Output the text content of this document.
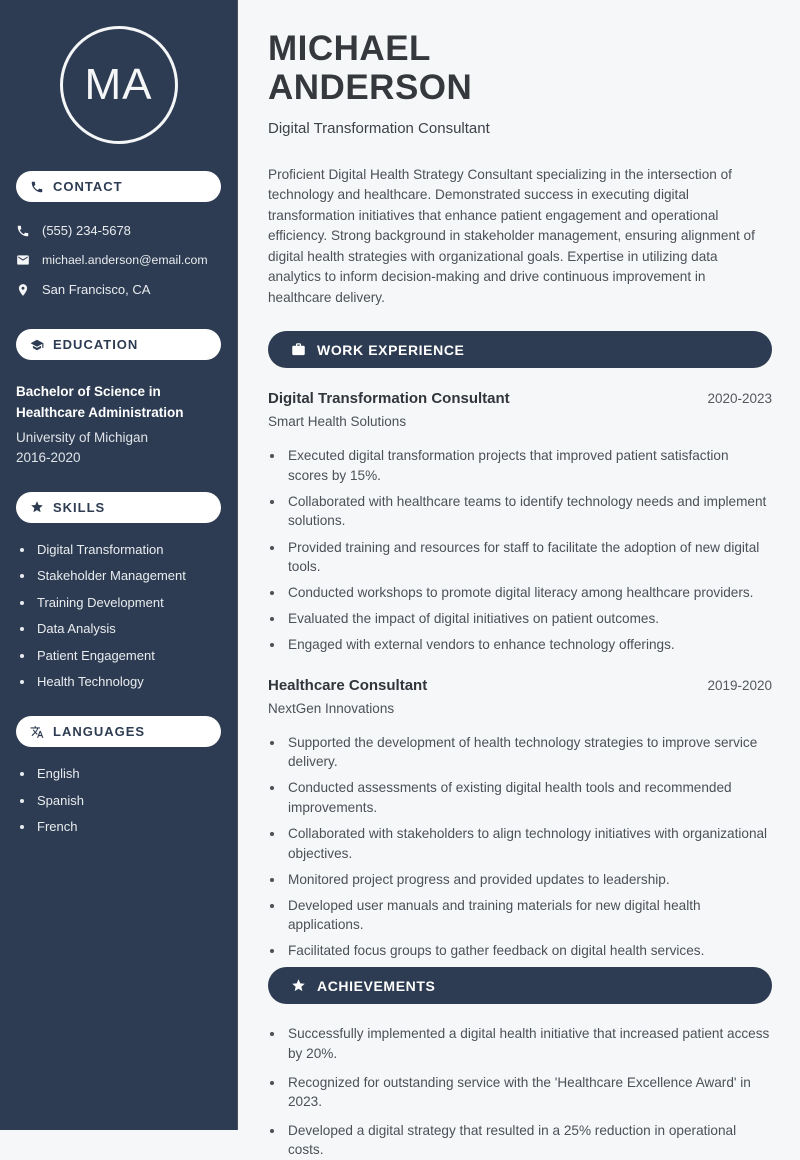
MA
CONTACT
(555) 234-5678
michael.anderson@email.com
San Francisco, CA
EDUCATION
Bachelor of Science in Healthcare Administration
University of Michigan
2016-2020
SKILLS
• Digital Transformation
• Stakeholder Management
• Training Development
• Data Analysis
• Patient Engagement
• Health Technology
LANGUAGES
• English
• Spanish
• French
MICHAEL
ANDERSON
Digital Transformation Consultant

Proficient Digital Health Strategy Consultant specializing in the intersection of technology and healthcare. Demonstrated success in executing digital transformation initiatives that enhance patient engagement and operational efficiency. Strong background in stakeholder management, ensuring alignment of digital health strategies with organizational goals. Expertise in utilizing data analytics to inform decision-making and drive continuous improvement in healthcare delivery.

WORK EXPERIENCE
Digital Transformation Consultant	2020-2023
Smart Health Solutions
• Executed digital transformation projects that improved patient satisfaction scores by 15%.
• Collaborated with healthcare teams to identify technology needs and implement solutions.
• Provided training and resources for staff to facilitate the adoption of new digital tools.
• Conducted workshops to promote digital literacy among healthcare providers.
• Evaluated the impact of digital initiatives on patient outcomes.
• Engaged with external vendors to enhance technology offerings.
Healthcare Consultant	2019-2020
NextGen Innovations
• Supported the development of health technology strategies to improve service delivery.
• Conducted assessments of existing digital health tools and recommended improvements.
• Collaborated with stakeholders to align technology initiatives with organizational objectives.
• Monitored project progress and provided updates to leadership.
• Developed user manuals and training materials for new digital health applications.
• Facilitated focus groups to gather feedback on digital health services.
ACHIEVEMENTS
• Successfully implemented a digital health initiative that increased patient access by 20%.
• Recognized for outstanding service with the 'Healthcare Excellence Award' in 2023.
• Developed a digital strategy that resulted in a 25% reduction in operational costs.
